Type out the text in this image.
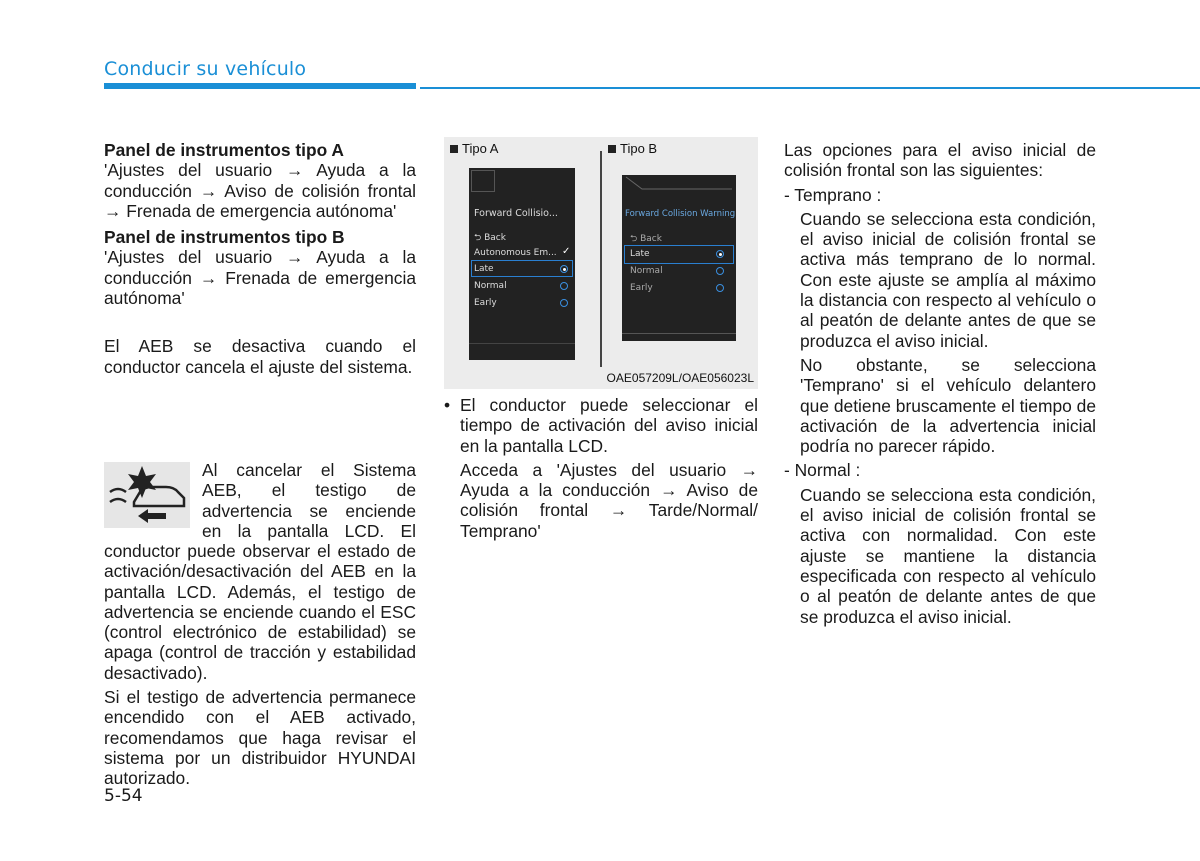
Conducir su vehículo

Panel de instrumentos tipo A

'Ajustes del usuario → Ayuda a la conducción → Aviso de colisión frontal → Frenada de emergencia autónoma'

Panel de instrumentos tipo B

'Ajustes del usuario → Ayuda a la conducción → Frenada de emergencia autónoma'

El AEB se desactiva cuando el conductor cancela el ajuste del sistema.

Al cancelar el Sistema

AEB, el testigo de

advertencia se enciende

en la pantalla LCD. El

conductor puede observar el estado de activación/desactivación del AEB en la pantalla LCD. Además, el testigo de advertencia se enciende cuando el ESC (control electrónico de estabilidad) se apaga (control de tracción y estabilidad desactivado).

Si el testigo de advertencia permanece encendido con el AEB activado, recomendamos que haga revisar el sistema por un distribuidor HYUNDAI autorizado.

Tipo A	Tipo B
Forward Collisio...
⮌ Back
Autonomous Em... ✓
Late
Normal
Early
Forward Collision Warning
⮌ Back
Late
Normal
Early
OAE057209L/OAE056023L
• El conductor puede seleccionar el tiempo de activación del aviso inicial en la pantalla LCD.

Acceda a 'Ajustes del usuario → Ayuda a la conducción → Aviso de colisión frontal → Tarde/Normal/ Temprano'

Las opciones para el aviso inicial de colisión frontal son las siguientes:

- Temprano :

Cuando se selecciona esta condición, el aviso inicial de colisión frontal se activa más temprano de lo normal. Con este ajuste se amplía al máximo la distancia con respecto al vehículo o al peatón de delante antes de que se produzca el aviso inicial.

No obstante, se selecciona 'Temprano' si el vehículo delantero que detiene bruscamente el tiempo de activación de la advertencia inicial podría no parecer rápido.

- Normal :

Cuando se selecciona esta condición, el aviso inicial de colisión frontal se activa con normalidad. Con este ajuste se mantiene la distancia especificada con respecto al vehículo o al peatón de delante antes de que se produzca el aviso inicial.

5-54
